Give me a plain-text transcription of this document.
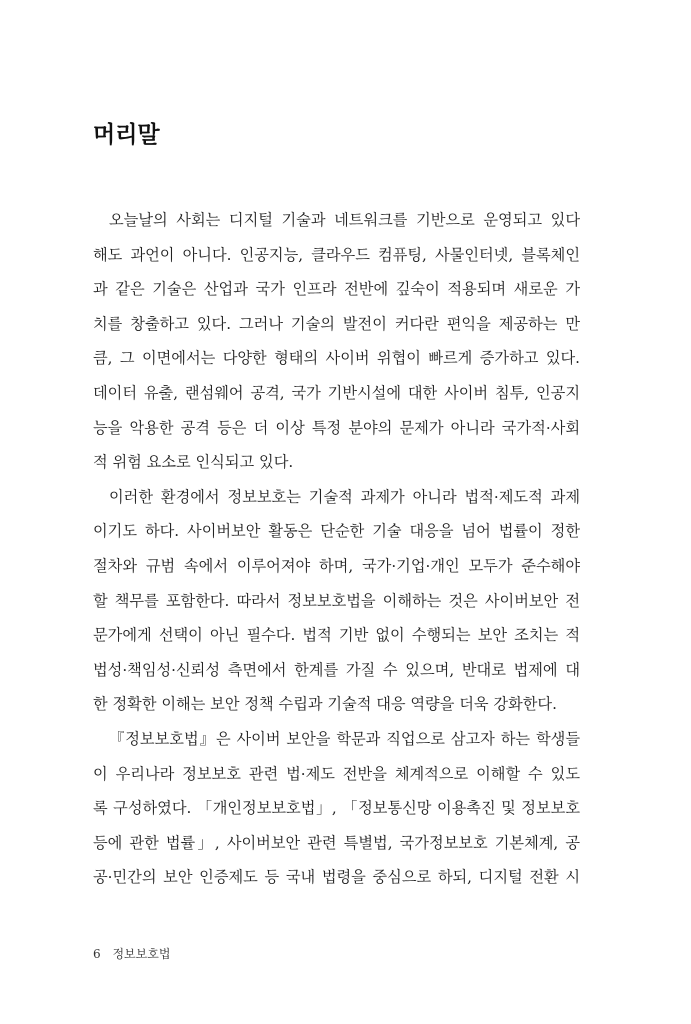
머리말
오늘날의 사회는 디지털 기술과 네트워크를 기반으로 운영되고 있다
해도 과언이 아니다. 인공지능, 클라우드 컴퓨팅, 사물인터넷, 블록체인
과 같은 기술은 산업과 국가 인프라 전반에 깊숙이 적용되며 새로운 가
치를 창출하고 있다. 그러나 기술의 발전이 커다란 편익을 제공하는 만
큼, 그 이면에서는 다양한 형태의 사이버 위협이 빠르게 증가하고 있다.
데이터 유출, 랜섬웨어 공격, 국가 기반시설에 대한 사이버 침투, 인공지
능을 악용한 공격 등은 더 이상 특정 분야의 문제가 아니라 국가적·사회
적 위험 요소로 인식되고 있다.
이러한 환경에서 정보보호는 기술적 과제가 아니라 법적·제도적 과제
이기도 하다. 사이버보안 활동은 단순한 기술 대응을 넘어 법률이 정한
절차와 규범 속에서 이루어져야 하며, 국가·기업·개인 모두가 준수해야
할 책무를 포함한다. 따라서 정보보호법을 이해하는 것은 사이버보안 전
문가에게 선택이 아닌 필수다. 법적 기반 없이 수행되는 보안 조치는 적
법성·책임성·신뢰성 측면에서 한계를 가질 수 있으며, 반대로 법제에 대
한 정확한 이해는 보안 정책 수립과 기술적 대응 역량을 더욱 강화한다.
『정보보호법』은 사이버 보안을 학문과 직업으로 삼고자 하는 학생들
이 우리나라 정보보호 관련 법·제도 전반을 체계적으로 이해할 수 있도
록 구성하였다. 「개인정보보호법」, 「정보통신망 이용촉진 및 정보보호
등에 관한 법률」, 사이버보안 관련 특별법, 국가정보보호 기본체계, 공
공·민간의 보안 인증제도 등 국내 법령을 중심으로 하되, 디지털 전환 시
6 정보보호법
